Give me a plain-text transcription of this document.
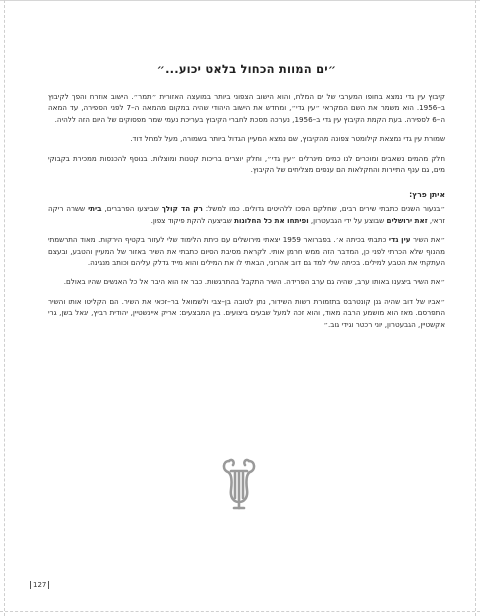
״ים המוות הכחול בלאט יכוע...״

קיבוץ עין גדי נמצא בחופו המערבי של ים המלח, והוא הישוב הצפוני ביותר במועצה האזורית ״תמר״. הישוב אוזרח והפך לקיבוץ ב–1956. הוא משמר את השם המקראי ״עין גדי״, ומחדש את הישוב היהודי שהיה במקום מהמאה ה–7 לפני הספירה, עד המאה ה–6 לספירה. בעת הקמת הקיבוץ עין גדי ב–1956, נערכה מסכת לחברי הקיבוץ בעריכת נעמי שמר מפסוקים של היום הזה ללהיה.

שמורת עין גדי נמצאת קילומטר צפונה מהקיבוץ, שם נמצא המעיין הגדול ביותר בשמורה, מעל למחל דוד.

חלק מהמים נשאבים ומוכרים לנו כמים מינרלים ״עין גדי״, וחלק יוצרים בריכות קטנות ומוצלות. בנוסף להכנסות ממכירת בקבוקי מים, גם ענף התיירות והחקלאות הם ענפים מצליחים של הקיבוץ.

איתן פרץ:

״בנעור השנים כתבתי שירים רבים, שחלקם הפכו ללהיטים גדולים. כמו למשל: רק הד קולך שביצעו הפרברים, ביתי ששרה ריקה זראי, זאת ירושלים שבוצע על ידי הגבעטרון, ופיתחו את כל החלונות שביצעה להקת פיקוד צפון.

״את השיר עין גדי כתבתי בכיתה א׳. בפברואר 1959 יצאתי מירושלים עם כיתת הלימוד שלי לעזור בקטיף הירקות. מאוד התרשמתי מהנוף שלא הכרתי לפני כן, המדבר הזה ממש חרמן אותי. לקראת מסיבת הסיום כתבתי את השיר באזור של המעיין והטבע, ובעצם העתקתי את הטבע למילים. בכיתה שלי למד גם דוב אהרוני, הבאתי לו את המילים והוא מייד גדלק עליהם וכותב מנגינה.

״את השיר ביצענו באותו ערב, שהיה גם ערב הפרידה. השיר התקבל בהתרגשות. כבר אז הוא היבר אל כל האנשים שהיו באולם.

״אביו של דוב שהיה גנן קונטרבס בתזמורת רשות השידור, נתן לטובה בן–צבי ולשמואל בר–זכאי את השיר. הם הקליטו אותו והשיר התפרסם. מאז הוא מושמע הרבה מאוד, והוא זכה למעל שבעים ביצועים. בין המבצעים: אריק איינשטיין, יהודית רביץ, יגאל בשן, גרי אקשטיין, הגבעטרון, יוני רכטר וגידי גוב.״

127
